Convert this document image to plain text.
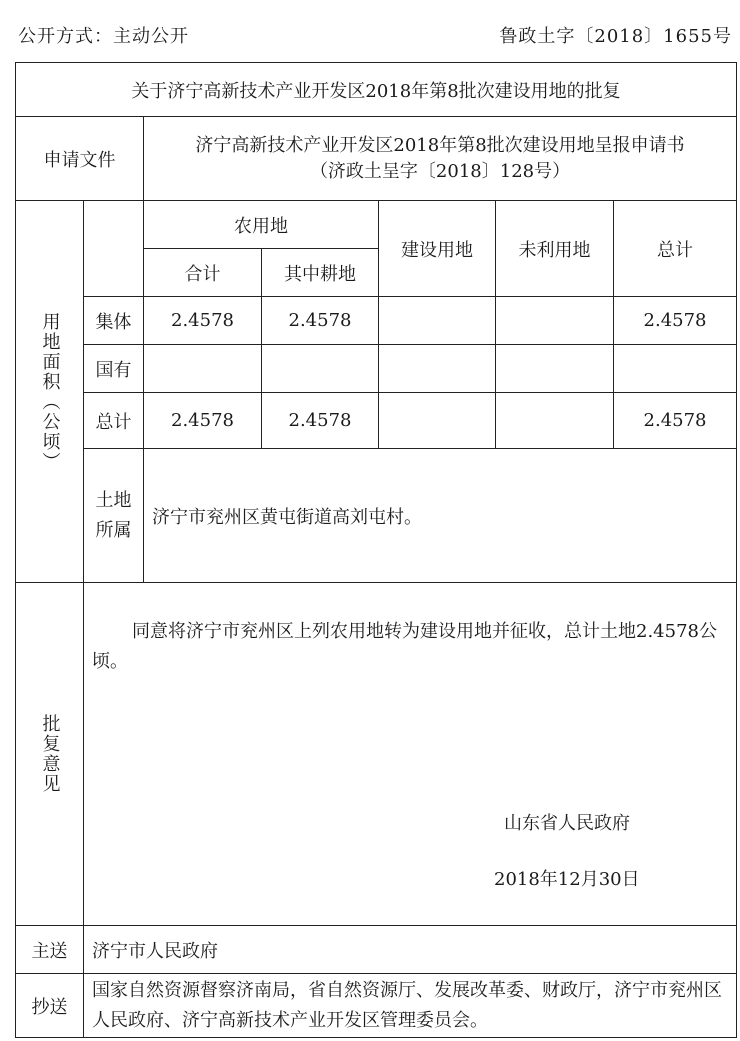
公开方式：主动公开	鲁政土字〔2018〕1655号
关于济宁高新技术产业开发区2018年第8批次建设用地的批复						
申请文件		济宁高新技术产业开发区2018年第8批次建设用地呈报申请书
（济政土呈字〔2018〕128号）				

用地面积（公顷）		农用地		建设用地	未利用地	总计
		合计	其中耕地			
	集体	2.4578	2.4578			2.4578
	国有					
	总计	2.4578	2.4578			2.4578

	土地所属	济宁市兖州区黄屯街道高刘屯村。				

批复意见	同意将济宁市兖州区上列农用地转为建设用地并征收，总计土地2.4578公顷。
山东省人民政府
2018年12月30日					

主送	济宁市人民政府					
抄送	国家自然资源督察济南局，省自然资源厅、发展改革委、财政厅，济宁市兖州区人民政府、济宁高新技术产业开发区管理委员会。					
